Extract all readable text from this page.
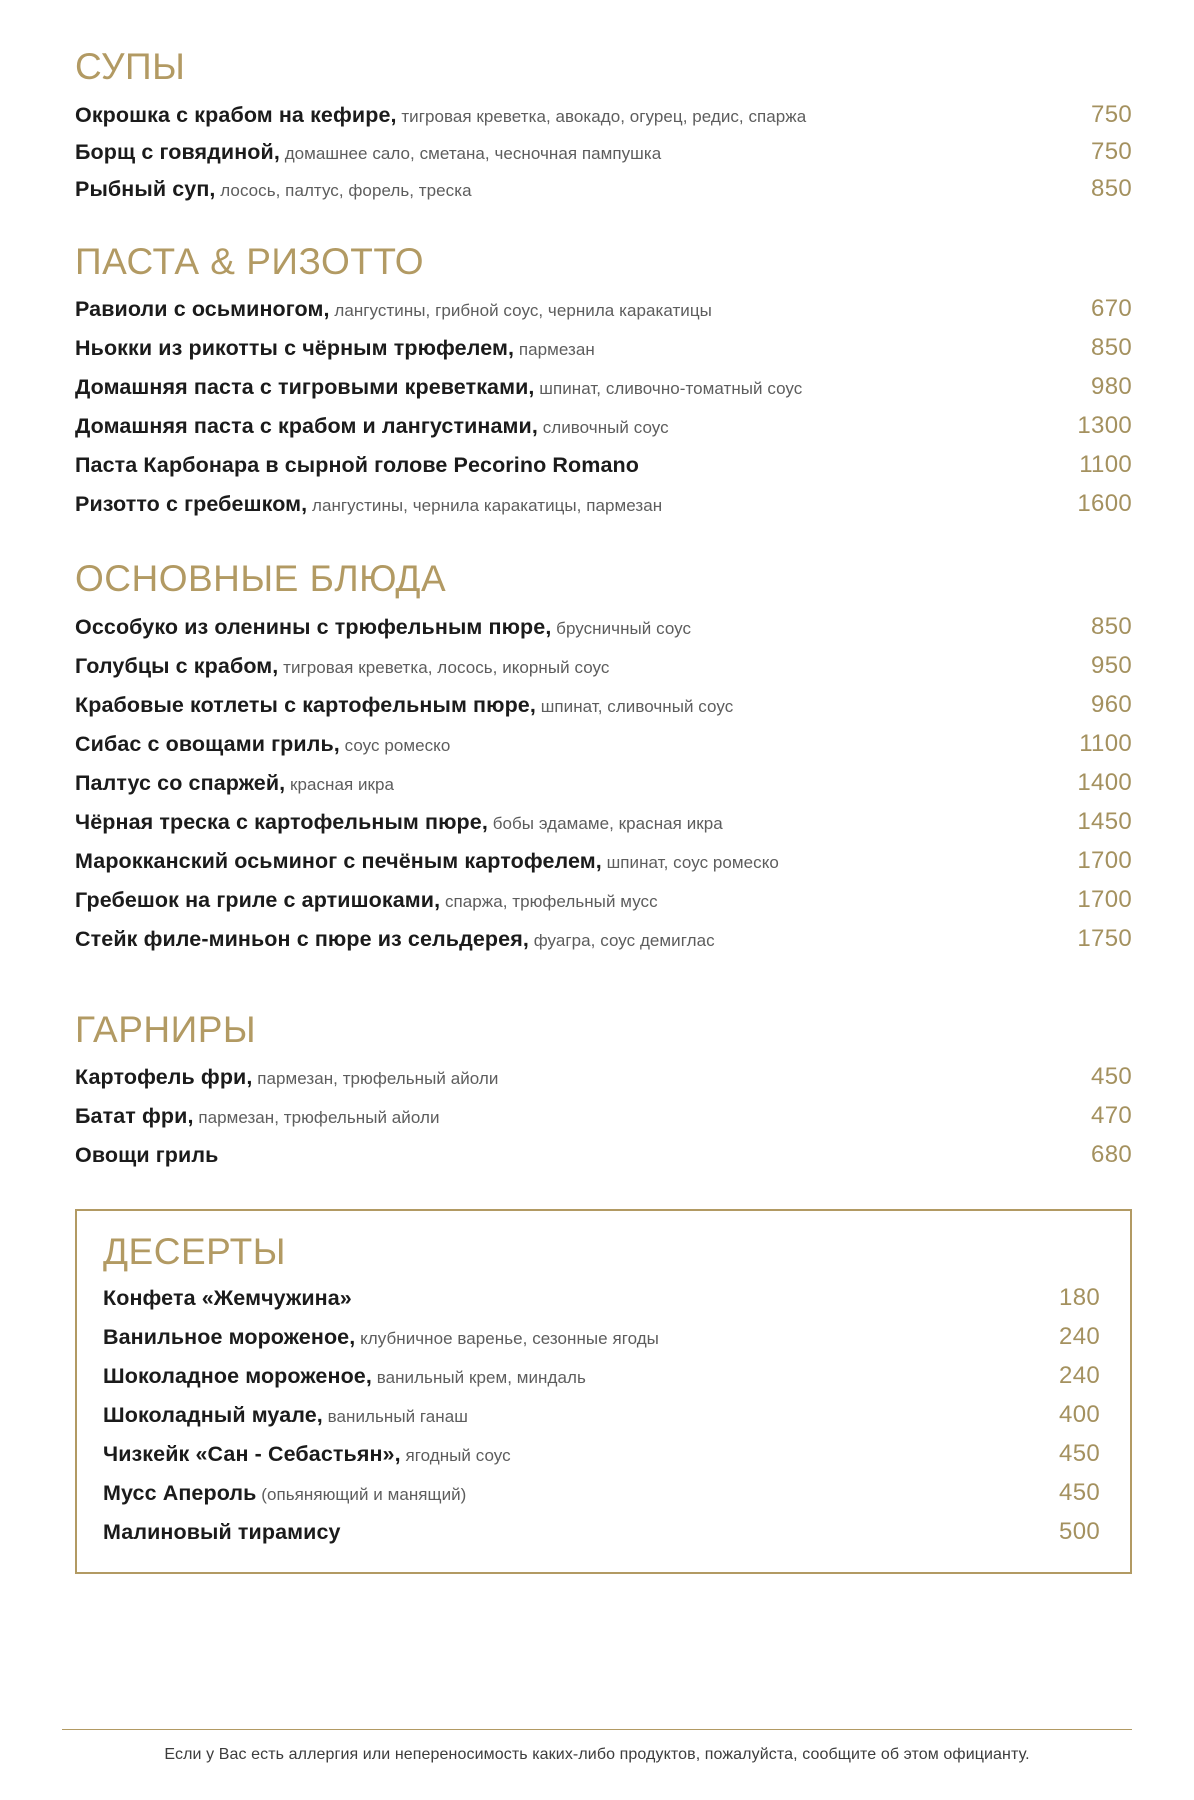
СУПЫ
Окрошка с крабом на кефире, тигровая креветка, авокадо, огурец, редис, спаржа	750
Борщ с говядиной, домашнее сало, сметана, чесночная пампушка	750
Рыбный суп, лосось, палтус, форель, треска	850
ПАСТА & РИЗОТТО
Равиоли с осьминогом, лангустины, грибной соус, чернила каракатицы	670
Ньокки из рикотты с чёрным трюфелем, пармезан	850
Домашняя паста с тигровыми креветками, шпинат, сливочно-томатный соус	980
Домашняя паста с крабом и лангустинами, сливочный соус	1300
Паста Карбонара в сырной голове Pecorino Romano	1100
Ризотто с гребешком, лангустины, чернила каракатицы, пармезан	1600
ОСНОВНЫЕ БЛЮДА
Оссобуко из оленины с трюфельным пюре, брусничный соус	850
Голубцы с крабом, тигровая креветка, лосось, икорный соус	950
Крабовые котлеты с картофельным пюре, шпинат, сливочный соус	960
Сибас с овощами гриль, соус ромеско	1100
Палтус со спаржей, красная икра	1400
Чёрная треска с картофельным пюре, бобы эдамаме, красная икра	1450
Марокканский осьминог с печёным картофелем, шпинат, соус ромеско	1700
Гребешок на гриле с артишоками, спаржа, трюфельный мусс	1700
Стейк филе-миньон с пюре из сельдерея, фуагра, соус демиглас	1750
ГАРНИРЫ
Картофель фри, пармезан, трюфельный айоли	450
Батат фри, пармезан, трюфельный айоли	470
Овощи гриль	680
ДЕСЕРТЫ
Конфета «Жемчужина»	180
Ванильное мороженое, клубничное варенье, сезонные ягоды	240
Шоколадное мороженое, ванильный крем, миндаль	240
Шоколадный муале, ванильный ганаш	400
Чизкейк «Сан - Себастьян», ягодный соус	450
Мусс Апероль (опьяняющий и манящий)	450
Малиновый тирамису	500
Если у Вас есть аллергия или непереносимость каких-либо продуктов, пожалуйста, сообщите об этом официанту.
